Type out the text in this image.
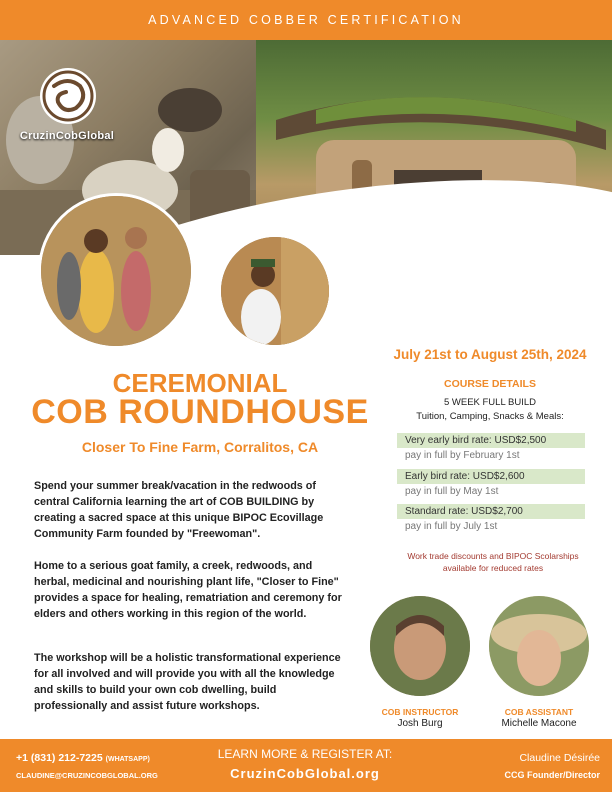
ADVANCED COBBER CERTIFICATION
CruzinCobGlobal
CEREMONIAL
COB ROUNDHOUSE
Closer To Fine Farm, Corralitos, CA

Spend your summer break/vacation in the redwoods of central California learning the art of COB BUILDING by creating a sacred space at this unique BIPOC Ecovillage Community Farm founded by "Freewoman".

Home to a serious goat family, a creek, redwoods, and herbal, medicinal and nourishing plant life, "Closer to Fine" provides a space for healing, rematriation and ceremony for elders and others working in this region of the world.

The workshop will be a holistic transformational experience for all involved and will provide you with all the knowledge and skills to build your own cob dwelling, build professionally and assist future workshops.

July 21st to August 25th, 2024
COURSE DETAILS
5 WEEK FULL BUILD
Tuition, Camping, Snacks & Meals:
Very early bird rate: USD$2,500
pay in full by February 1st
Early bird rate: USD$2,600
pay in full by May 1st
Standard rate: USD$2,700
pay in full by July 1st
Work trade discounts and BIPOC Scolarships
available for reduced rates
COB INSTRUCTOR
Josh Burg
COB ASSISTANT
Michelle Macone
+1 (831) 212-7225 (WHATSAPP)
CLAUDINE@CRUZINCOBGLOBAL.ORG
LEARN MORE & REGISTER AT:
CruzinCobGlobal.org
Claudine Désirée
CCG Founder/Director
